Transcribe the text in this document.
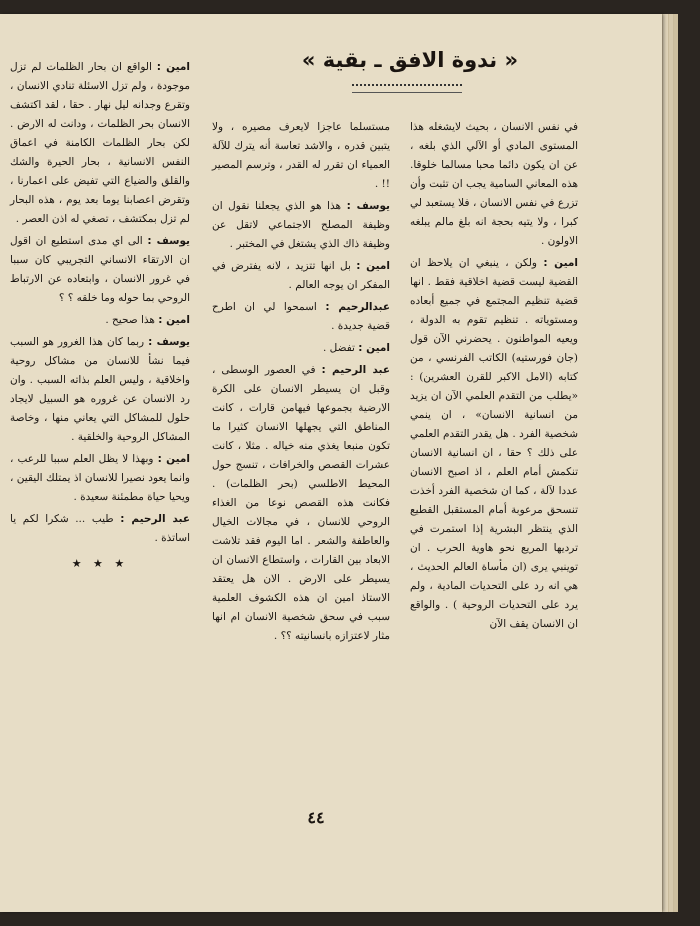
« ندوة الافق ـ بقية »

في نفس الانسان ، بحيث لايشغله هذا المستوى المادي أو الآلي الذي بلغه ، عن ان يكون دائما محبا مسالما خلوقا. هذه المعاني السامية يجب ان تثبت وأن تزرع في نفس الانسان ، فلا يستعبد لي كبرا ، ولا يتيه بحجة انه بلغ مالم يبلغه الاولون .

امين : ولكن ، ينبغي ان يلاحظ ان القضية ليست قضية اخلاقية فقط . انها قضية تنظيم المجتمع في جميع أبعاده ومستوياته . تنظيم تقوم به الدولة ، ويعيه المواطنون . يحضرني الآن قول (جان فورستيه) الكاتب الفرنسي ، من كتابه (الامل الاكبر للقرن العشرين) : «يطلب من التقدم العلمي الآن ان يزيد من انسانية الانسان» ، ان ينمي شخصية الفرد . هل يقدر التقدم العلمي على ذلك ؟ حقا ، ان انسانية الانسان تنكمش أمام العلم ، اذ اصبح الانسان عددا لآلة ، كما ان شخصية الفرد أخذت تنسحق مرعوبة أمام المستقبل القطيع الذي ينتظر البشرية إذا استمرت في ترديها المريع نحو هاوية الحرب . ان توينبي يرى (ان مأساة العالم الحديث ، هي انه رد على التحديات المادية ، ولم يرد على التحديات الروحية ) . والواقع ان الانسان يقف الآن

مستسلما عاجزا لايعرف مصيره ، ولا يتبين قدره ، والاشد تعاسة أنه يترك للآلة العمياء ان تقرر له القدر ، وترسم المصير !! .

يوسف : هذا هو الذي يجعلنا نقول ان وظيفة المصلح الاجتماعي لاتقل عن وظيفة ذاك الذي يشتغل في المختبر .

امين : بل انها تتزيد ، لانه يفترض في المفكر ان يوجه العالم .

عبدالرحيم : اسمحوا لي ان اطرح قضية جديدة .

امين : تفضل .

عبد الرحيم : في العصور الوسطى ، وقبل ان يسيطر الانسان على الكرة الارضية بجموعها فيهامن قارات ، كانت المناطق التي يجهلها الانسان كثيرا ما تكون منبعا يغذي منه خياله . مثلا ، كانت عشرات القصص والخرافات ، تنسج حول المحيط الاطلسي (بحر الظلمات) . فكانت هذه القصص نوعا من الغذاء الروحي للانسان ، في مجالات الخيال والعاطفة والشعر . اما اليوم فقد تلاشت الابعاد بين القارات ، واستطاع الانسان ان يسيطر على الارض . الان هل يعتقد الاستاذ امين ان هذه الكشوف العلمية سبب في سحق شخصية الانسان ام انها مثار لاعتزازه بانسانيته ؟؟ .

امين : الواقع ان بحار الظلمات لم تزل موجودة ، ولم تزل الاسئلة تنادي الانسان ، وتقرع وجدانه ليل نهار . حقا ، لقد اكتشف الانسان بحر الظلمات ، ودانت له الارض . لكن بحار الظلمات الكامنة في اعماق النفس الانسانية ، بحار الحيرة والشك والقلق والضياع التي تفيض على اعمارنا ، وتقرض اعصابنا يوما بعد يوم ، هذه البحار لم تزل بمكتشف ، تصغي له اذن العصر .

يوسف : الى اي مدى استطيع ان اقول ان الارتقاء الانساني التجريبي كان سببا في غرور الانسان ، وابتعاده عن الارتباط الروحي بما حوله وما خلقه ؟ ؟

امين : هذا صحيح .

يوسف : ربما كان هذا الغرور هو السبب فيما نشأ للانسان من مشاكل روحية واخلاقية ، وليس العلم بذاته السبب . وان رد الانسان عن غروره هو السبيل لايجاد حلول للمشاكل التي يعاني منها ، وخاصة المشاكل الروحية والخلقية .

امين : وبهذا لا يظل العلم سببا للرعب ، وانما يعود نصيرا للانسان اذ يمتلك اليقين ، ويحيا حياة مطمئنة سعيدة .

عبد الرحيم : طيب ... شكرا لكم يا اساتذة .

★ ★ ★
٤٤
